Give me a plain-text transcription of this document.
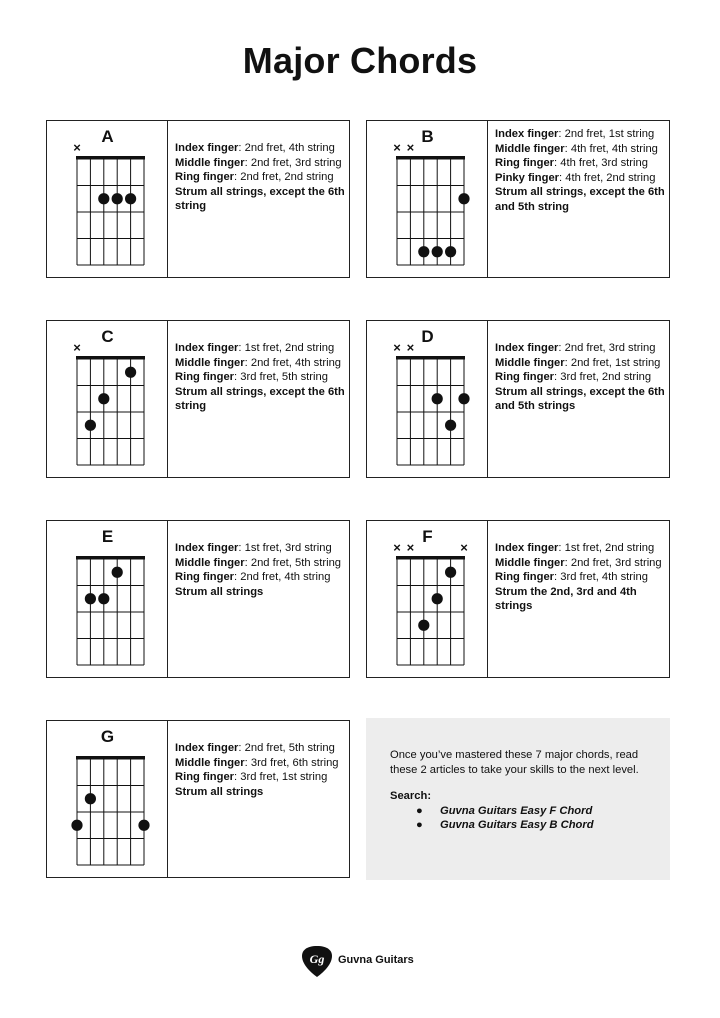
Major Chords
A
×	Index finger: 2nd fret, 4th string
Middle finger: 2nd fret, 3rd string
Ring finger: 2nd fret, 2nd string
Strum all strings, except the 6th string
B
× ×
Index finger: 2nd fret, 1st string
Middle finger: 4th fret, 4th string
Ring finger: 4th fret, 3rd string
Pinky finger: 4th fret, 2nd string
Strum all strings, except the 6th and 5th string
C
×	Index finger: 1st fret, 2nd string
Middle finger: 2nd fret, 4th string
Ring finger: 3rd fret, 5th string
Strum all strings, except the 6th string
D
× ×	Index finger: 2nd fret, 3rd string
Middle finger: 2nd fret, 1st string
Ring finger: 3rd fret, 2nd string
Strum all strings, except the 6th and 5th strings
E
Index finger: 1st fret, 3rd string
Middle finger: 2nd fret, 5th string
Ring finger: 2nd fret, 4th string
Strum all strings
F
× ×	× Index finger: 1st fret, 2nd string
Middle finger: 2nd fret, 3rd string
Ring finger: 3rd fret, 4th string
Strum the 2nd, 3rd and 4th strings
G
Index finger: 2nd fret, 5th string
Middle finger: 3rd fret, 6th string
Ring finger: 3rd fret, 1st string
Strum all strings
Once you’ve mastered these 7 major chords, read these 2 articles to take your skills to the next level.
Search:
● Guvna Guitars Easy F Chord
● Guvna Guitars Easy B Chord
Gg Guvna Guitars
